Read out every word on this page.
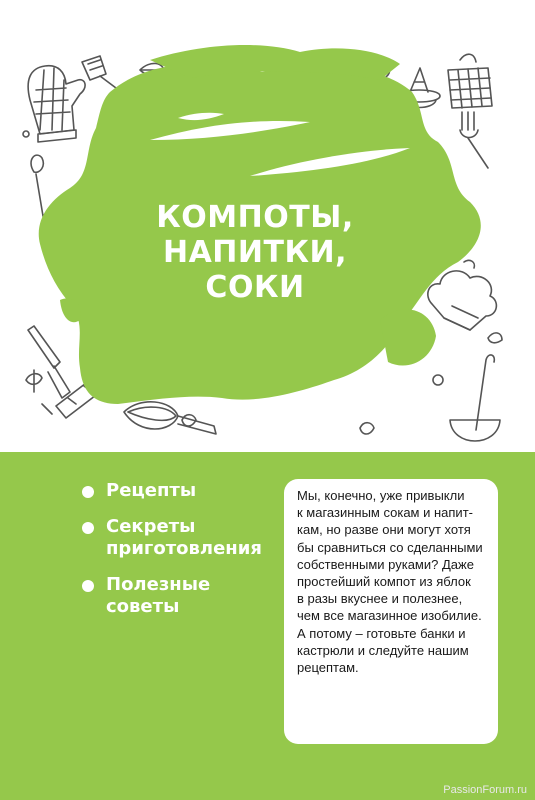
КОМПОТЫ,
НАПИТКИ,
СОКИ
Рецепты
Секреты
приготовления
Полезные
советы

Мы, конечно, уже привыкли

к магазинным сокам и напит-

кам, но разве они могут хотя

бы сравниться со сделанными

собственными руками? Даже

простейший компот из яблок

в разы вкуснее и полезнее,

чем все магазинное изобилие.

А потому – готовьте банки и

кастрюли и следуйте нашим

рецептам.

PassionForum.ru
